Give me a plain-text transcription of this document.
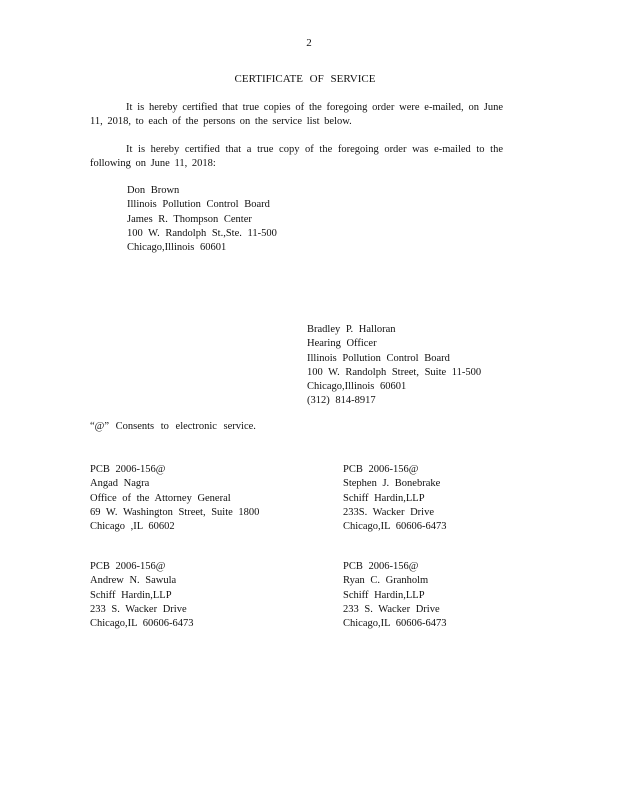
2
CERTIFICATE OF SERVICE
It is hereby certified that true copies of the foregoing order were e-mailed, on June 11, 2018, to each of the persons on the service list below.
It is hereby certified that a true copy of the foregoing order was e-mailed to the following on June 11, 2018:
Don Brown
Illinois Pollution Control Board
James R. Thompson Center
100 W. Randolph St.,Ste. 11-500
Chicago,Illinois 60601
Bradley P. Halloran
Hearing Officer
Illinois Pollution Control Board
100 W. Randolph Street, Suite 11-500
Chicago,Illinois 60601
(312) 814-8917
“@” Consents to electronic service.
PCB 2006-156@
Angad Nagra
Office of the Attorney General
69 W. Washington Street, Suite 1800
Chicago ,IL 60602
PCB 2006-156@
Stephen J. Bonebrake
Schiff Hardin,LLP
233S. Wacker Drive
Chicago,IL 60606-6473
PCB 2006-156@
Andrew N. Sawula
Schiff Hardin,LLP
233 S. Wacker Drive
Chicago,IL 60606-6473
PCB 2006-156@
Ryan C. Granholm
Schiff Hardin,LLP
233 S. Wacker Drive
Chicago,IL 60606-6473
